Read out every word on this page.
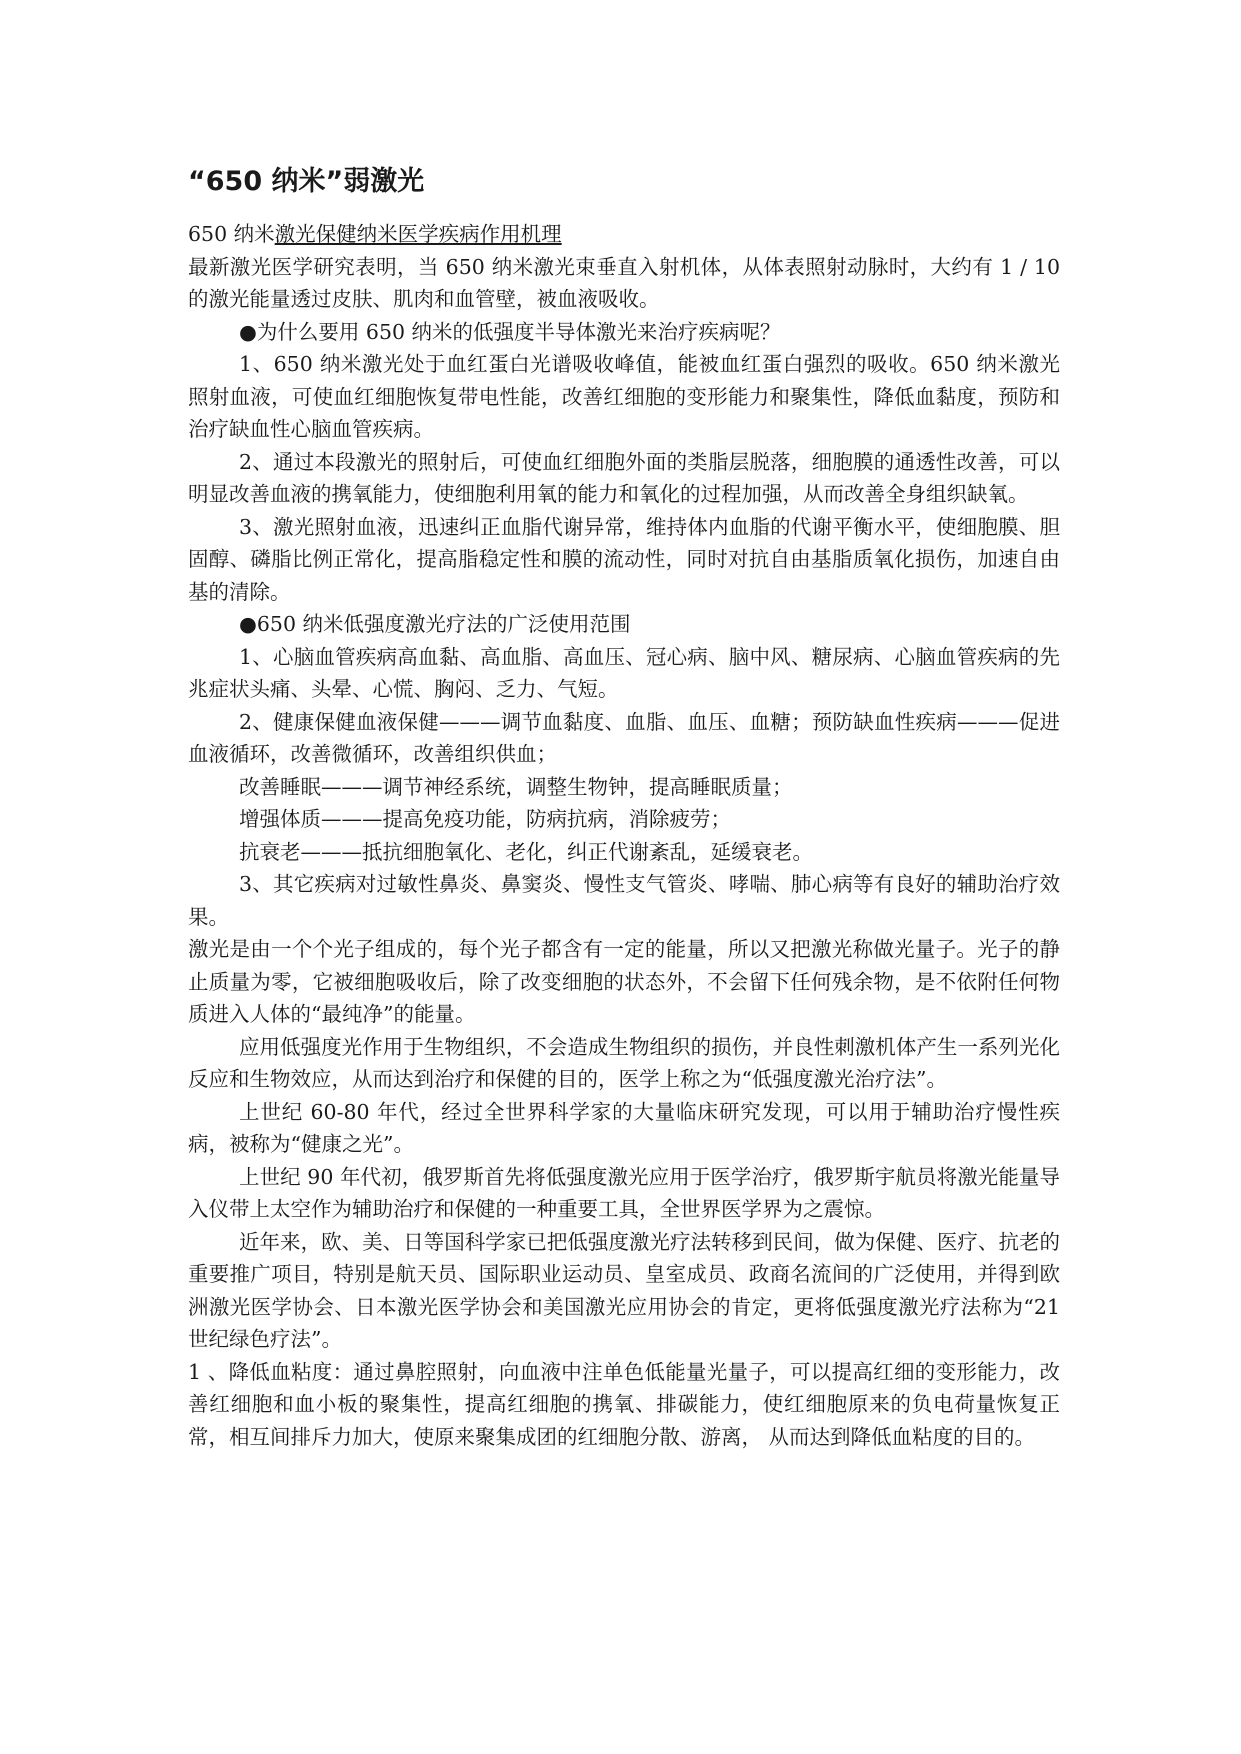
“650 纳米”弱激光

650 纳米激光保健纳米医学疾病作用机理

最新激光医学研究表明，当 650 纳米激光束垂直入射机体，从体表照射动脉时，大约有 1 / 10 的激光能量透过皮肤、肌肉和血管壁，被血液吸收。

●为什么要用 650 纳米的低强度半导体激光来治疗疾病呢？

1、650 纳米激光处于血红蛋白光谱吸收峰值，能被血红蛋白强烈的吸收。650 纳米激光照射血液，可使血红细胞恢复带电性能，改善红细胞的变形能力和聚集性，降低血黏度，预防和治疗缺血性心脑血管疾病。

2、通过本段激光的照射后，可使血红细胞外面的类脂层脱落，细胞膜的通透性改善，可以明显改善血液的携氧能力，使细胞利用氧的能力和氧化的过程加强，从而改善全身组织缺氧。

3、激光照射血液，迅速纠正血脂代谢异常，维持体内血脂的代谢平衡水平，使细胞膜、胆固醇、磷脂比例正常化，提高脂稳定性和膜的流动性，同时对抗自由基脂质氧化损伤，加速自由基的清除。

●650 纳米低强度激光疗法的广泛使用范围

1、心脑血管疾病高血黏、高血脂、高血压、冠心病、脑中风、糖尿病、心脑血管疾病的先兆症状头痛、头晕、心慌、胸闷、乏力、气短。

2、健康保健血液保健———调节血黏度、血脂、血压、血糖；预防缺血性疾病———促进血液循环，改善微循环，改善组织供血；

改善睡眠———调节神经系统，调整生物钟，提高睡眠质量；

增强体质———提高免疫功能，防病抗病，消除疲劳；

抗衰老———抵抗细胞氧化、老化，纠正代谢紊乱，延缓衰老。

3、其它疾病对过敏性鼻炎、鼻窦炎、慢性支气管炎、哮喘、肺心病等有良好的辅助治疗效果。

激光是由一个个光子组成的，每个光子都含有一定的能量，所以又把激光称做光量子。光子的静止质量为零，它被细胞吸收后，除了改变细胞的状态外，不会留下任何残余物，是不依附任何物质进入人体的“最纯净”的能量。

应用低强度光作用于生物组织，不会造成生物组织的损伤，并良性刺激机体产生一系列光化反应和生物效应，从而达到治疗和保健的目的，医学上称之为“低强度激光治疗法”。

上世纪 60-80 年代，经过全世界科学家的大量临床研究发现，可以用于辅助治疗慢性疾病，被称为“健康之光”。

上世纪 90 年代初，俄罗斯首先将低强度激光应用于医学治疗，俄罗斯宇航员将激光能量导入仪带上太空作为辅助治疗和保健的一种重要工具，全世界医学界为之震惊。

近年来，欧、美、日等国科学家已把低强度激光疗法转移到民间，做为保健、医疗、抗老的重要推广项目，特别是航天员、国际职业运动员、皇室成员、政商名流间的广泛使用，并得到欧洲激光医学协会、日本激光医学协会和美国激光应用协会的肯定，更将低强度激光疗法称为“21 世纪绿色疗法”。

1 、降低血粘度：通过鼻腔照射，向血液中注单色低能量光量子，可以提高红细的变形能力，改善红细胞和血小板的聚集性，提高红细胞的携氧、排碳能力，使红细胞原来的负电荷量恢复正常，相互间排斥力加大，使原来聚集成团的红细胞分散、游离， 从而达到降低血粘度的目的。
